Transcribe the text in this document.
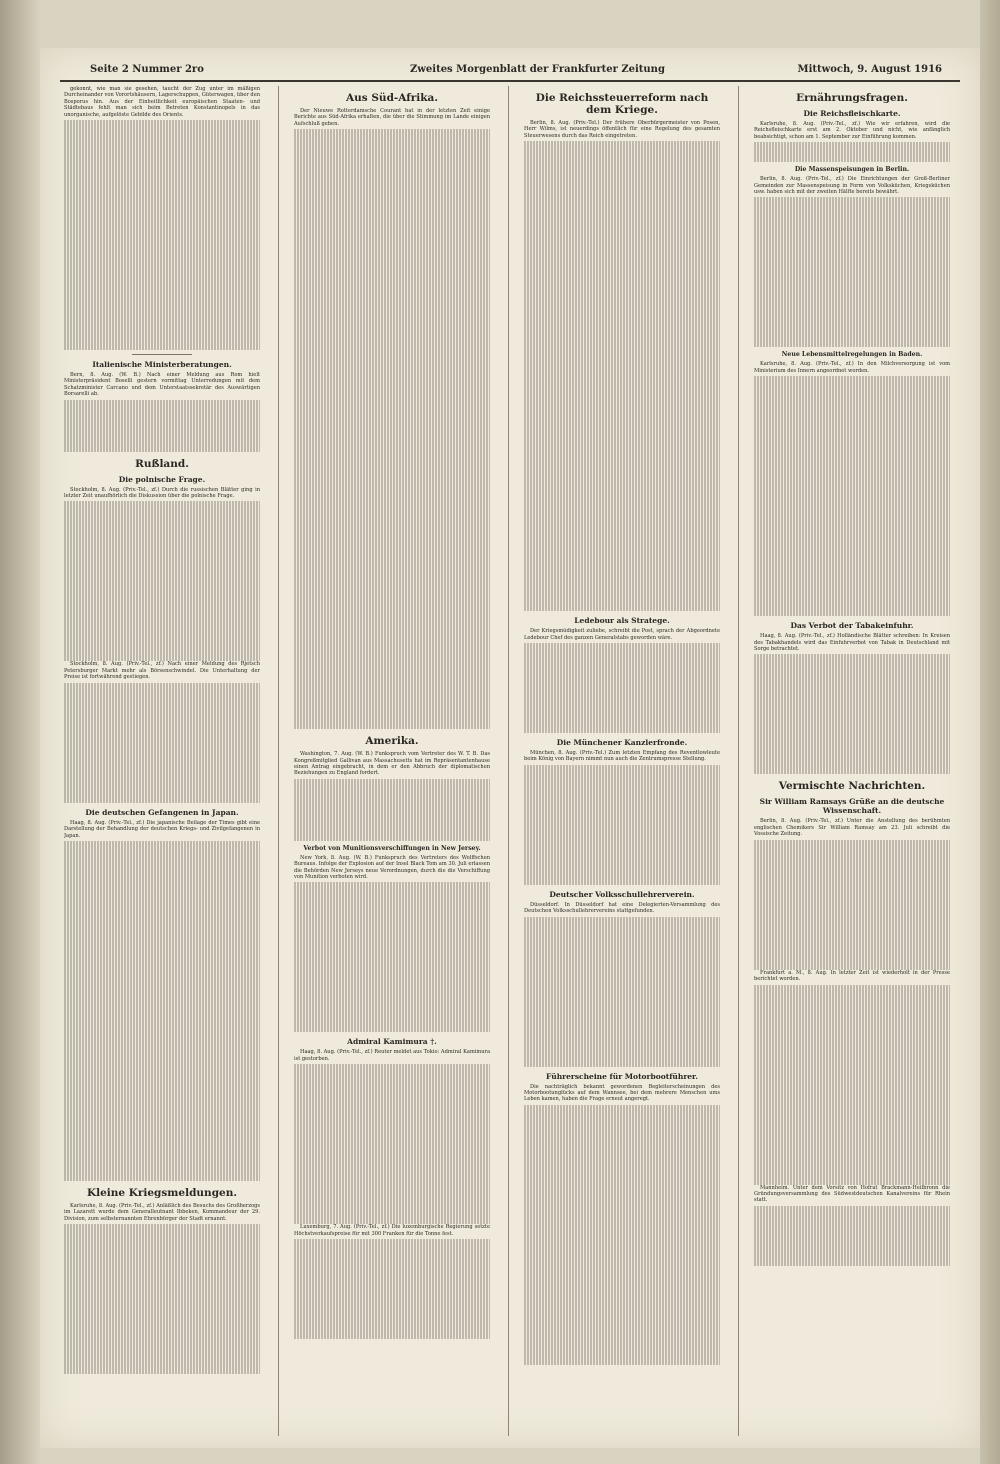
Seite 2 Nummer 2ro	Zweites Morgenblatt der Frankfurter Zeitung	Mittwoch, 9. August 1916

gekonnt, wie man sie gesehen, taucht der Zug unter im mäßigen Durcheinander von Vorortshäusern, Lagerschuppen, Güterwagen, über den Bosporus hin. Aus der Einheitlichkeit europäischen Staaten- und Städtebaus fehlt man sich beim Betreten Konstantinopels in das unorganische, aufgelöste Gebilde des Orients.

Italienische Ministerberatungen.

Bern, 8. Aug. (W. B.) Nach einer Meldung aus Rom hielt Ministerpräsident Boselli gestern vormittag Unterredungen mit dem Schatzminister Carcano und dem Unterstaatssekretär des Auswärtigen Borsarelli ab.

Rußland.
Die polnische Frage.

Stockholm, 8. Aug. (Priv.-Tel., zf.) Durch die russischen Blätter ging in letzter Zeit unaufhörlich die Diskussion über die polnische Frage.

Stockholm, 8. Aug. (Priv.-Tel., zf.) Nach einer Meldung des Rjetsch Petersburger Markt mehr als Börsenschwindel. Die Unterhaltung der Preise ist fortwährend gestiegen.

Die deutschen Gefangenen in Japan.

Haag, 8. Aug. (Priv.-Tel., zf.) Die japanische Beilage der Times gibt eine Darstellung der Behandlung der deutschen Kriegs- und Zivilgefangenen in Japan.

Kleine Kriegsmeldungen.

Karlsruhe, 8. Aug. (Priv.-Tel., zf.) Anläßlich des Besuchs des Großherzogs im Lazarett wurde dem Generalleutnant Ibbeken, Kommandeur der 29. Division, zum selbsternannten Ehrenbürger der Stadt ernannt.

Aus Süd-Afrika.

Der Nieuwe Rotterdamsche Courant hat in der letzten Zeit einige Berichte aus Süd-Afrika erhalten, die über die Stimmung im Lande einigen Aufschluß geben.

Amerika.

Washington, 7. Aug. (W. B.) Funkspruch vom Vertreter des W. T. B. Das Kongreßmitglied Gallivan aus Massachusetts hat im Repräsentantenhause einen Antrag eingebracht, in dem er den Abbruch der diplomatischen Beziehungen zu England fordert.

Verbot von Munitionsverschiffungen in New Jersey.

New York, 8. Aug. (W. B.) Funkspruch des Vertreters des Wolffschen Bureaus. Infolge der Explosion auf der Insel Black Tom am 30. Juli erlassen die Behörden New Jerseys neue Verordnungen, durch die die Verschiffung von Munition verboten wird.

Admiral Kamimura †.

Haag, 8. Aug. (Priv.-Tel., zf.) Reuter meldet aus Tokio: Admiral Kamimura ist gestorben.

Luxemburg, 7. Aug. (Priv.-Tel., zf.) Die luxemburgische Regierung setzte Höchstverkaufspreise für mit 300 Franken für die Tonne fest.

Die Reichssteuerreform nach dem Kriege.

Berlin, 8. Aug. (Priv.-Tel.) Der frühere Oberbürgermeister von Posen, Herr Wilms, ist neuerdings öffentlich für eine Regelung des gesamten Steuerwesens durch das Reich eingetreten.

Ledebour als Stratege.

Der Kriegsmüdigkeit zuliebe, schreibt die Post, sprach der Abgeordnete Ledebour Chef des ganzen Generalstabs geworden wäre.

Die Münchener Kanzlerfronde.

München, 8. Aug. (Priv.-Tel.) Zum letzten Empfang des Reventlowleute beim König von Bayern nimmt nun auch die Zentrumspresse Stellung.

Deutscher Volksschullehrerverein.

Düsseldorf. In Düsseldorf hat eine Delegierten-Versammlung des Deutschen Volksschullehrervereins stattgefunden.

Führerscheine für Motorbootführer.

Die nachträglich bekannt gewordenen Begleiterscheinungen des Motorbootunglücks auf dem Wannsee, bei dem mehrere Menschen ums Leben kamen, haben die Frage erneut angeregt.

Ernährungsfragen.
Die Reichsfleischkarte.

Karlsruhe, 8. Aug. (Priv.-Tel., zf.) Wie wir erfahren, wird die Reichsfleischkarte erst am 2. Oktober und nicht, wie anfänglich beabsichtigt, schon am 1. September zur Einführung kommen.

Die Massenspeisungen in Berlin.

Berlin, 8. Aug. (Priv.-Tel., zf.) Die Einrichtungen der Groß-Berliner Gemeinden zur Massenspeisung in Form von Volksküchen, Kriegsküchen usw. haben sich mit der zweiten Hälfte bereits bewährt.

Neue Lebensmittelregelungen in Baden.

Karlsruhe, 8. Aug. (Priv.-Tel., zf.) In den Milchversorgung ist vom Ministerium des Innern angeordnet worden.

Das Verbot der Tabakeinfuhr.

Haag, 8. Aug. (Priv.-Tel., zf.) Holländische Blätter schreiben: In Kreisen des Tabakhandels wird das Einfuhrverbot von Tabak in Deutschland mit Sorge betrachtet.

Vermischte Nachrichten.
Sir William Ramsays Grüße an die deutsche Wissenschaft.

Berlin, 8. Aug. (Priv.-Tel., zf.) Unter die Anstellung des berühmten englischen Chemikers Sir William Ramsay am 23. Juli schreibt die Vossische Zeitung.

Frankfurt a. M., 8. Aug. In letzter Zeit ist wiederholt in der Presse berichtet worden.

Mannheim. Unter dem Vorsitz von Hofrat Brackmann-Heilbronn die Gründungsversammlung des Südwestdeutschen Kanalvereins für Rhein statt.
